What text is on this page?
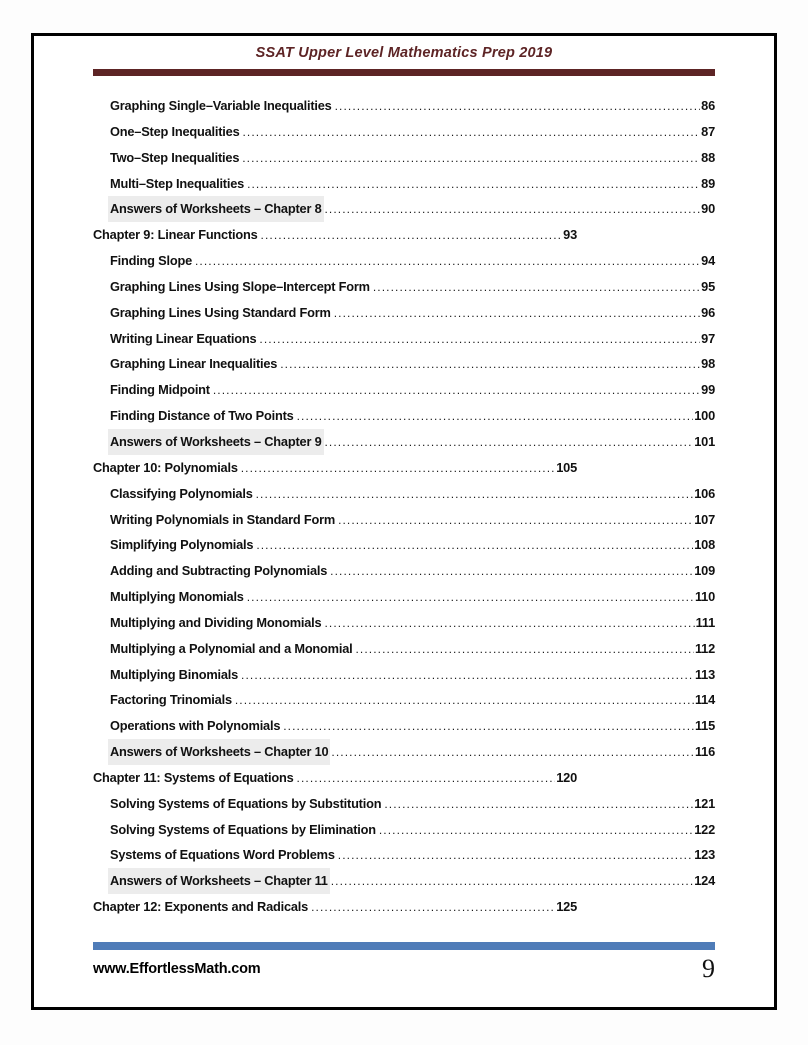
SSAT Upper Level Mathematics Prep 2019
Graphing Single–Variable Inequalities .....	86
One–Step Inequalities .....	87
Two–Step Inequalities .....	88
Multi–Step Inequalities .....	89
Answers of Worksheets – Chapter 8 .....	90
Chapter 9: Linear Functions .....	93
Finding Slope .....	94
Graphing Lines Using Slope–Intercept Form .....	95
Graphing Lines Using Standard Form .....	96
Writing Linear Equations .....	97
Graphing Linear Inequalities .....	98
Finding Midpoint .....	99
Finding Distance of Two Points .....	100
Answers of Worksheets – Chapter 9 .....	101
Chapter 10: Polynomials .....	105
Classifying Polynomials .....	106
Writing Polynomials in Standard Form .....	107
Simplifying Polynomials .....	108
Adding and Subtracting Polynomials .....	109
Multiplying Monomials .....	110
Multiplying and Dividing Monomials .....	111
Multiplying a Polynomial and a Monomial .....	112
Multiplying Binomials .....	113
Factoring Trinomials .....	114
Operations with Polynomials .....	115
Answers of Worksheets – Chapter 10 .....	116
Chapter 11: Systems of Equations .....	120
Solving Systems of Equations by Substitution .....	121
Solving Systems of Equations by Elimination .....	122
Systems of Equations Word Problems .....	123
Answers of Worksheets – Chapter 11 .....	124
Chapter 12: Exponents and Radicals .....	125
www.EffortlessMath.com	9
